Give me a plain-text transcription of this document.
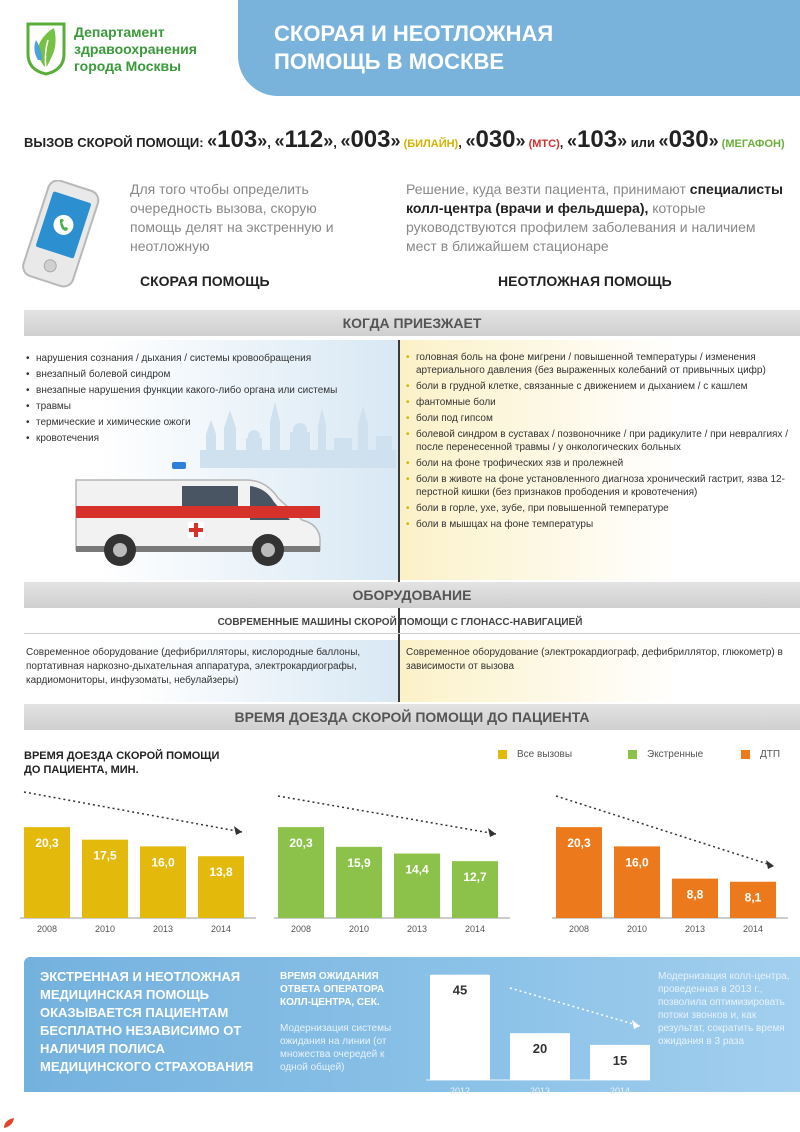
Департамент
здравоохранения
города Москвы
СКОРАЯ И НЕОТЛОЖНАЯ
ПОМОЩЬ В МОСКВЕ
ВЫЗОВ СКОРОЙ ПОМОЩИ: «103», «112», «003» (БИЛАЙН), «030» (МТС), «103» или «030» (МЕГАФОН)
Для того чтобы определить очередность вызова, скорую помощь делят на экстренную и неотложную
Решение, куда везти пациента, принимают специалисты колл-центра (врачи и фельдшера), которые руководствуются профилем заболевания и наличием мест в ближайшем стационаре
СКОРАЯ ПОМОЩЬ	НЕОТЛОЖНАЯ ПОМОЩЬ
КОГДА ПРИЕЗЖАЕТ
• нарушения сознания / дыхания / системы кровообращения
• внезапный болевой синдром
• внезапные нарушения функции какого-либо органа или системы
• травмы
• термические и химические ожоги
• кровотечения
• головная боль на фоне мигрени / повышенной температуры / изменения артериального давления (без выраженных колебаний от привычных цифр)
• боли в грудной клетке, связанные с движением и дыханием / с кашлем
• фантомные боли
• боли под гипсом
• болевой синдром в суставах / позвоночнике / при радикулите / при невралгиях / после перенесенной травмы / у онкологических больных
• боли на фоне трофических язв и пролежней
• боли в животе на фоне установленного диагноза хронический гастрит, язва 12-перстной кишки (без признаков прободения и кровотечения)
• боли в горле, ухе, зубе, при повышенной температуре
• боли в мышцах на фоне температуры
ОБОРУДОВАНИЕ
СОВРЕМЕННЫЕ МАШИНЫ СКОРОЙ ПОМОЩИ С ГЛОНАСС-НАВИГАЦИЕЙ
Современное оборудование (дефибрилляторы, кислородные баллоны, портативная наркозно-дыхательная аппаратура, электрокардиографы, кардиомониторы, инфузоматы, небулайзеры)
Современное оборудование (электрокардиограф, дефибриллятор, глюкометр) в зависимости от вызова
ВРЕМЯ ДОЕЗДА СКОРОЙ ПОМОЩИ ДО ПАЦИЕНТА
ВРЕМЯ ДОЕЗДА СКОРОЙ ПОМОЩИ
ДО ПАЦИЕНТА, МИН.
Все вызовы	Экстренные	ДТП
20,3
2008
17,5
2010
16,0
2013
13,8
2014
20,3
2008
15,9
2010
14,4
2013
12,7
2014
20,3
2008
16,0
2010
8,8
2013
8,1
2014
ЭКСТРЕННАЯ И НЕОТЛОЖНАЯ МЕДИЦИНСКАЯ ПОМОЩЬ ОКАЗЫВАЕТСЯ ПАЦИЕНТАМ БЕСПЛАТНО НЕЗАВИСИМО ОТ НАЛИЧИЯ ПОЛИСА МЕДИЦИНСКОГО СТРАХОВАНИЯ
ВРЕМЯ ОЖИДАНИЯ ОТВЕТА ОПЕРАТОРА КОЛЛ-ЦЕНТРА, СЕК.
Модернизация системы ожидания на линии (от множества очередей к одной общей)
45
2012
20
2013
15
2014
Модернизация колл-центра, проведенная в 2013 г., позволила оптимизировать потоки звонков и, как результат, сократить время ожидания в 3 раза
